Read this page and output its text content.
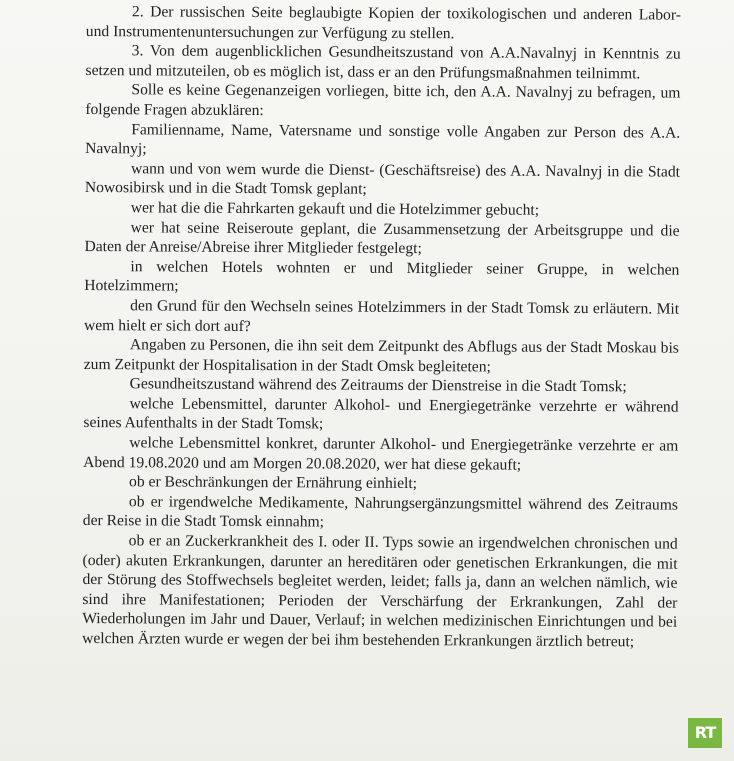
2. Der russischen Seite beglaubigte Kopien der toxikologischen und anderen Labor- und Instrumentenuntersuchungen zur Verfügung zu stellen.

3. Von dem augenblicklichen Gesundheitszustand von A.A.Navalnyj in Kenntnis zu setzen und mitzuteilen, ob es möglich ist, dass er an den Prüfungsmaßnahmen teilnimmt.

Solle es keine Gegenanzeigen vorliegen, bitte ich, den A.A. Navalnyj zu befragen, um folgende Fragen abzuklären:

Familienname, Name, Vatersname und sonstige volle Angaben zur Person des A.A. Navalnyj;

wann und von wem wurde die Dienst- (Geschäftsreise) des A.A. Navalnyj in die Stadt Nowosibirsk und in die Stadt Tomsk geplant;

wer hat die die Fahrkarten gekauft und die Hotelzimmer gebucht;

wer hat seine Reiseroute geplant, die Zusammensetzung der Arbeitsgruppe und die Daten der Anreise/Abreise ihrer Mitglieder festgelegt;

in welchen Hotels wohnten er und Mitglieder seiner Gruppe, in welchen Hotelzimmern;

den Grund für den Wechseln seines Hotelzimmers in der Stadt Tomsk zu erläutern. Mit wem hielt er sich dort auf?

Angaben zu Personen, die ihn seit dem Zeitpunkt des Abflugs aus der Stadt Moskau bis zum Zeitpunkt der Hospitalisation in der Stadt Omsk begleiteten;

Gesundheitszustand während des Zeitraums der Dienstreise in die Stadt Tomsk;

welche Lebensmittel, darunter Alkohol- und Energiegetränke verzehrte er während seines Aufenthalts in der Stadt Tomsk;

welche Lebensmittel konkret, darunter Alkohol- und Energiegetränke verzehrte er am Abend 19.08.2020 und am Morgen 20.08.2020, wer hat diese gekauft;

ob er Beschränkungen der Ernährung einhielt;

ob er irgendwelche Medikamente, Nahrungsergänzungsmittel während des Zeitraums der Reise in die Stadt Tomsk einnahm;

ob er an Zuckerkrankheit des I. oder II. Typs sowie an irgendwelchen chronischen und (oder) akuten Erkrankungen, darunter an hereditären oder genetischen Erkrankungen, die mit der Störung des Stoffwechsels begleitet werden, leidet; falls ja, dann an welchen nämlich, wie sind ihre Manifestationen; Perioden der Verschärfung der Erkrankungen, Zahl der Wiederholungen im Jahr und Dauer, Verlauf; in welchen medizinischen Einrichtungen und bei welchen Ärzten wurde er wegen der bei ihm bestehenden Erkrankungen ärztlich betreut;

RT
